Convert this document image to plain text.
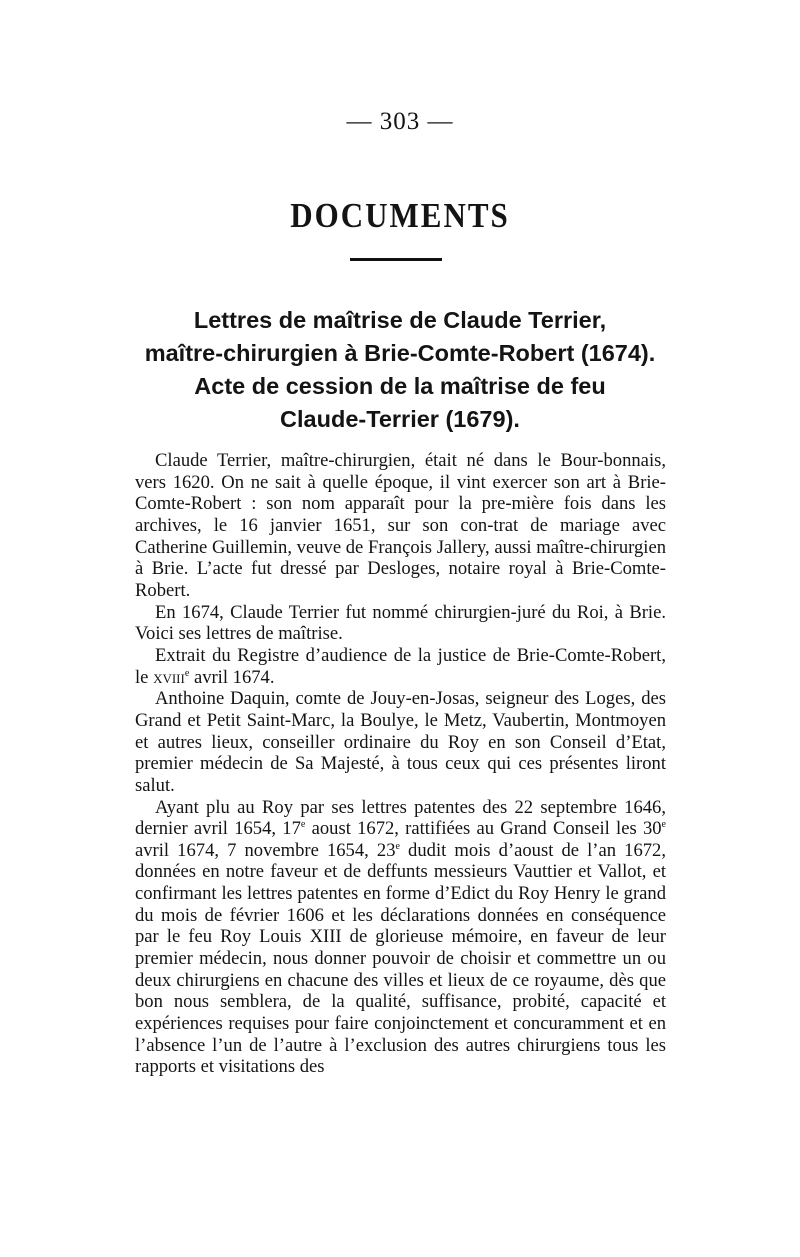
— 303 —
DOCUMENTS
Lettres de maîtrise de Claude Terrier,
maître-chirurgien à Brie-Comte-Robert (1674).
Acte de cession de la maîtrise de feu
Claude-Terrier (1679).

Claude Terrier, maître-chirurgien, était né dans le Bour-bonnais, vers 1620. On ne sait à quelle époque, il vint exercer son art à Brie-Comte-Robert : son nom apparaît pour la pre-mière fois dans les archives, le 16 janvier 1651, sur son con-trat de mariage avec Catherine Guillemin, veuve de François Jallery, aussi maître-chirurgien à Brie. L’acte fut dressé par Desloges, notaire royal à Brie-Comte-Robert.

En 1674, Claude Terrier fut nommé chirurgien-juré du Roi, à Brie. Voici ses lettres de maîtrise.

Extrait du Registre d’audience de la justice de Brie-Comte-Robert, le xviii$^e$ avril 1674.

Anthoine Daquin, comte de Jouy-en-Josas, seigneur des Loges, des Grand et Petit Saint-Marc, la Boulye, le Metz, Vaubertin, Montmoyen et autres lieux, conseiller ordinaire du Roy en son Conseil d’Etat, premier médecin de Sa Majesté, à tous ceux qui ces présentes liront salut.

Ayant plu au Roy par ses lettres patentes des 22 septembre 1646, dernier avril 1654, 17e aoust 1672, rattifiées au Grand Conseil les 30e avril 1674, 7 novembre 1654, 23e dudit mois d’aoust de l’an 1672, données en notre faveur et de deffunts messieurs Vauttier et Vallot, et confirmant les lettres patentes en forme d’Edict du Roy Henry le grand du mois de février 1606 et les déclarations données en conséquence par le feu Roy Louis XIII de glorieuse mémoire, en faveur de leur premier médecin, nous donner pouvoir de choisir et commettre un ou deux chirurgiens en chacune des villes et lieux de ce royaume, dès que bon nous semblera, de la qualité, suffisance, probité, capacité et expériences requises pour faire conjoinctement et concuramment et en l’absence l’un de l’autre à l’exclusion des autres chirurgiens tous les rapports et visitations des
